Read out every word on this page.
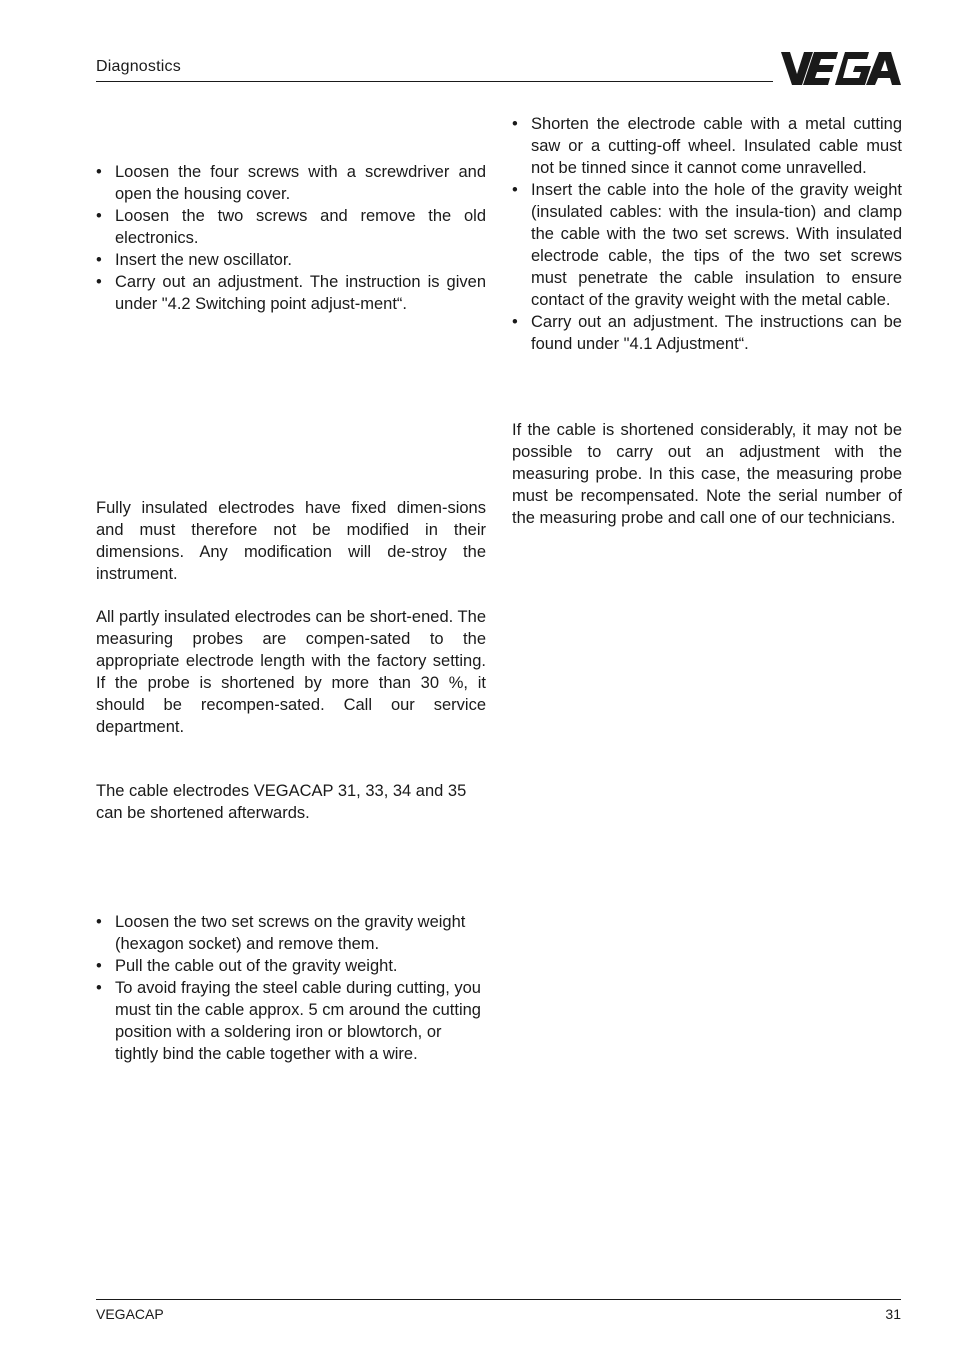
Diagnostics
• Loosen the four screws with a screwdriver and open the housing cover.
• Loosen the two screws and remove the old electronics.
• Insert the new oscillator.
• Carry out an adjustment. The instruction is given under "4.2 Switching point adjust-ment“.

Fully insulated electrodes have fixed dimen-sions and must therefore not be modified in their dimensions. Any modification will de-stroy the instrument.

All partly insulated electrodes can be short-ened. The measuring probes are compen-sated to the appropriate electrode length with the factory setting. If the probe is shortened by more than 30 %, it should be recompen-sated. Call our service department.

The cable electrodes VEGACAP 31, 33, 34 and 35 can be shortened afterwards.

• Loosen the two set screws on the gravity weight (hexagon socket) and remove them.
• Pull the cable out of the gravity weight.
• To avoid fraying the steel cable during cutting, you must tin the cable approx. 5 cm around the cutting position with a soldering iron or blowtorch, or tightly bind the cable together with a wire.
• Shorten the electrode cable with a metal cutting saw or a cutting-off wheel. Insulated cable must not be tinned since it cannot come unravelled.
• Insert the cable into the hole of the gravity weight (insulated cables: with the insula-tion) and clamp the cable with the two set screws. With insulated electrode cable, the tips of the two set screws must penetrate the cable insulation to ensure contact of the gravity weight with the metal cable.
• Carry out an adjustment. The instructions can be found under "4.1 Adjustment“.

If the cable is shortened considerably, it may not be possible to carry out an adjustment with the measuring probe. In this case, the measuring probe must be recompensated. Note the serial number of the measuring probe and call one of our technicians.

VEGACAP	31
